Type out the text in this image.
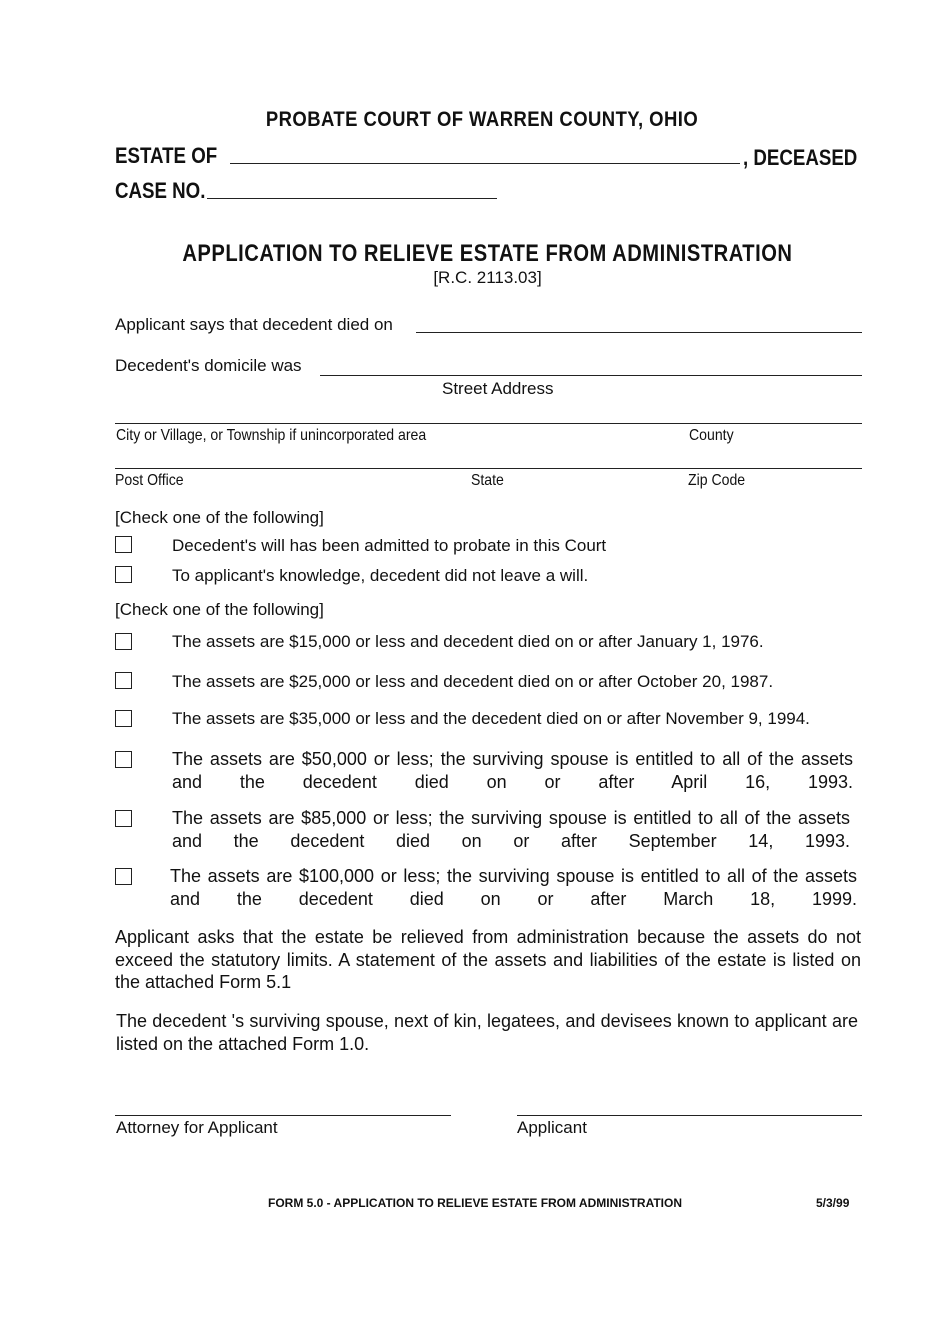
PROBATE COURT OF WARREN COUNTY, OHIO
ESTATE OF	, DECEASED
CASE NO.
APPLICATION TO RELIEVE ESTATE FROM ADMINISTRATION
[R.C. 2113.03]
Applicant says that decedent died on
Decedent's domicile was
Street Address
City or Village, or Township if unincorporated area	County
Post Office	State	Zip Code
[Check one of the following]
Decedent's will has been admitted to probate in this Court
To applicant's knowledge, decedent did not leave a will.
[Check one of the following]
The assets are $15,000 or less and decedent died on or after January 1, 1976.
The assets are $25,000 or less and decedent died on or after October 20, 1987.
The assets are $35,000 or less and the decedent died on or after November 9, 1994.
The assets are $50,000 or less; the surviving spouse is entitled to all of the assets and the decedent died on or after April 16, 1993.
The assets are $85,000 or less; the surviving spouse is entitled to all of the assets and the decedent died on or after September 14, 1993.
The assets are $100,000 or less; the surviving spouse is entitled to all of the assets and the decedent died on or after March 18, 1999.
Applicant asks that the estate be relieved from administration because the assets do not exceed the statutory limits. A statement of the assets and liabilities of the estate is listed on the attached Form 5.1
The decedent 's surviving spouse, next of kin, legatees, and devisees known to applicant are listed on the attached Form 1.0.
Attorney for Applicant	Applicant
FORM 5.0 - APPLICATION TO RELIEVE ESTATE FROM ADMINISTRATION	5/3/99
